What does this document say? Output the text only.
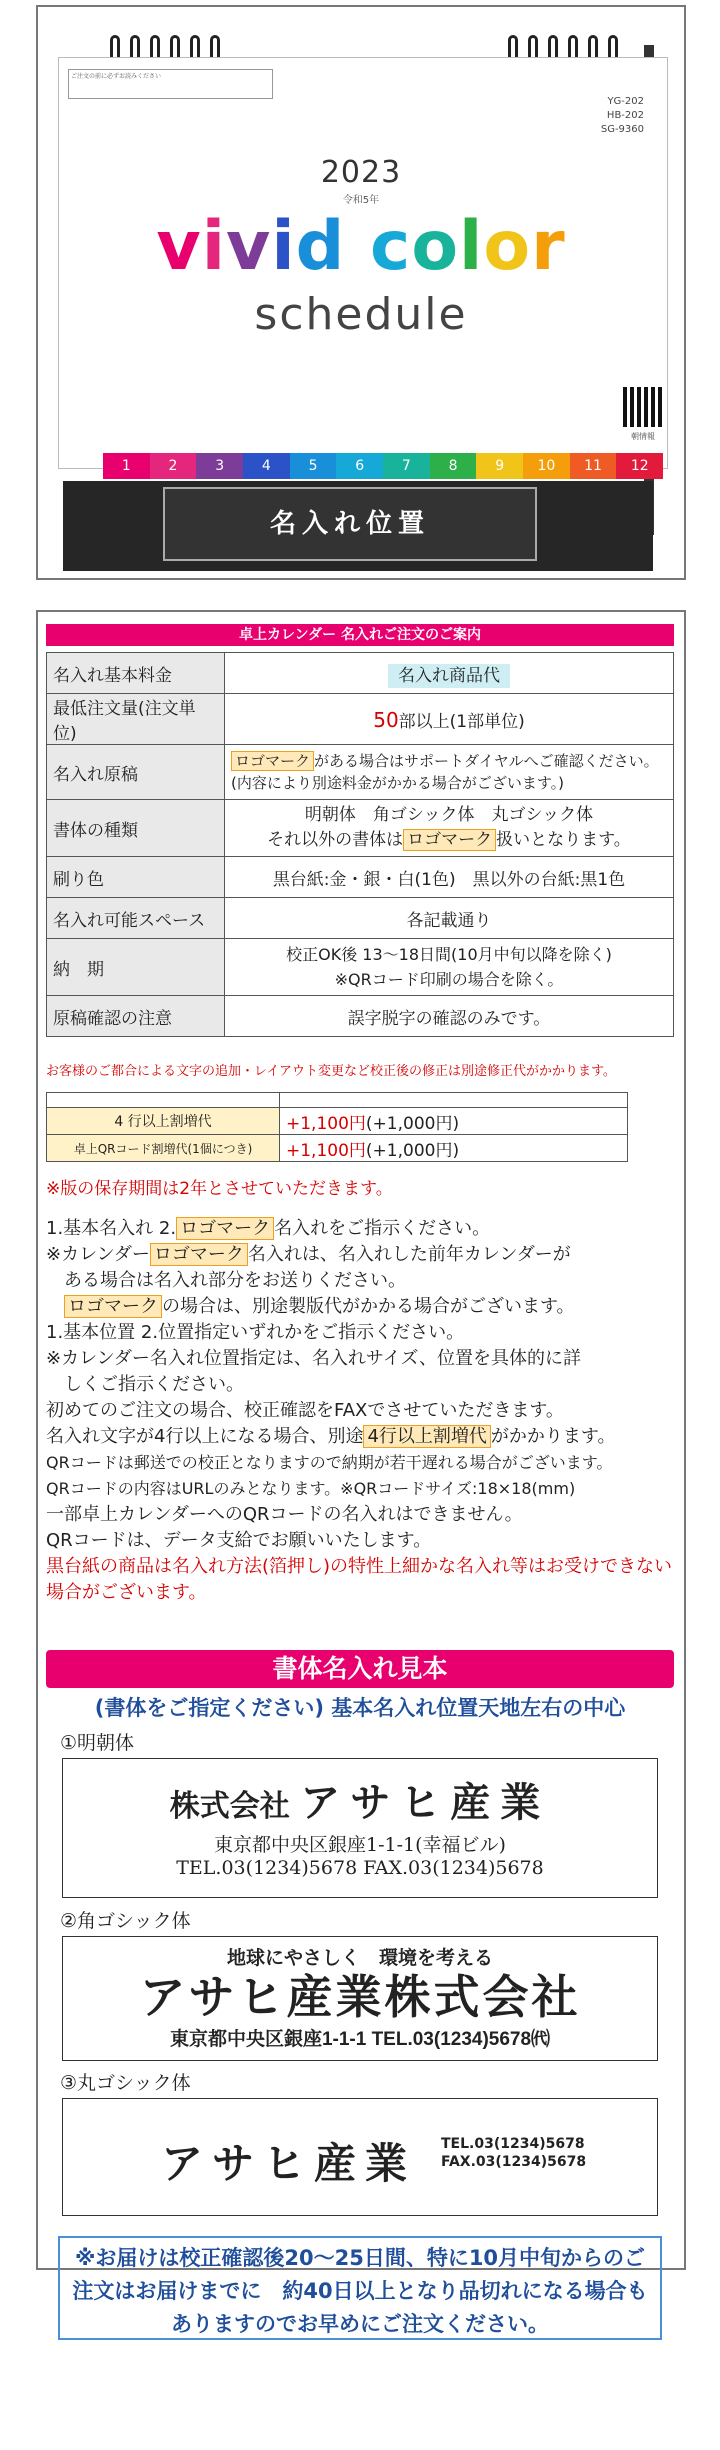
ご注文の前に必ずお読みください
YG-202
HB-202
SG-9360
2023
令和5年
vivid color
schedule
朝情報
1	2	3	4	5	6	7	8	9	10	11	12
名入れ位置
卓上カレンダー 名入れご注文のご案内
名入れ基本料金	名入れ商品代
最低注文量(注文単位)	50部以上(1部単位)
名入れ原稿	ロゴマーク がある場合はサポートダイヤルへご確認ください。(内容により別途料金がかかる場合がございます。)
書体の種類	明朝体　角ゴシック体　丸ゴシック体
それ以外の書体は ロゴマーク 扱いとなります。

刷り色	黒台紙:金・銀・白(1色)　黒以外の台紙:黒1色
名入れ可能スペース	各記載通り
納　期	校正OK後 13〜18日間(10月中旬以降を除く)
※QRコード印刷の場合を除く。

原稿確認の注意	誤字脱字の確認のみです。
お客様のご都合による文字の追加・レイアウト変更など校正後の修正は別途修正代がかかります。

4 行以上割増代	+1,100円(+1,000円)
卓上QRコード割増代(1個につき)	+1,100円(+1,000円)

※版の保存期間は2年とさせていただきます。

1.基本名入れ 2. ロゴマーク 名入れをご指示ください。

※カレンダー ロゴマーク 名入れは、名入れした前年カレンダーが

ある場合は名入れ部分をお送りください。

ロゴマーク の場合は、別途製版代がかかる場合がございます。

1.基本位置 2.位置指定いずれかをご指示ください。

※カレンダー名入れ位置指定は、名入れサイズ、位置を具体的に詳

しくご指示ください。

初めてのご注文の場合、校正確認をFAXでさせていただきます。

名入れ文字が4行以上になる場合、別途 4行以上割増代 がかかります。

QRコードは郵送での校正となりますので納期が若干遅れる場合がございます。

QRコードの内容はURLのみとなります。※QRコードサイズ:18×18(mm)

一部卓上カレンダーへのQRコードの名入れはできません。

QRコードは、データ支給でお願いいたします。

黒台紙の商品は名入れ方法(箔押し)の特性上細かな名入れ等はお受けできない場合がございます。

書体名入れ見本
(書体をご指定ください) 基本名入れ位置天地左右の中心
①明朝体
株式会社 アサヒ産業
東京都中央区銀座1-1-1(幸福ビル)
TEL.03(1234)5678 FAX.03(1234)5678
②角ゴシック体
地球にやさしく　環境を考える
アサヒ産業株式会社
東京都中央区銀座1-1-1 TEL.03(1234)5678㈹
③丸ゴシック体
アサヒ産業 TEL.03(1234)5678
FAX.03(1234)5678
※お届けは校正確認後20〜25日間、特に10月中旬からのご注文はお届けまでに　約40日以上となり品切れになる場合もありますのでお早めにご注文ください。
